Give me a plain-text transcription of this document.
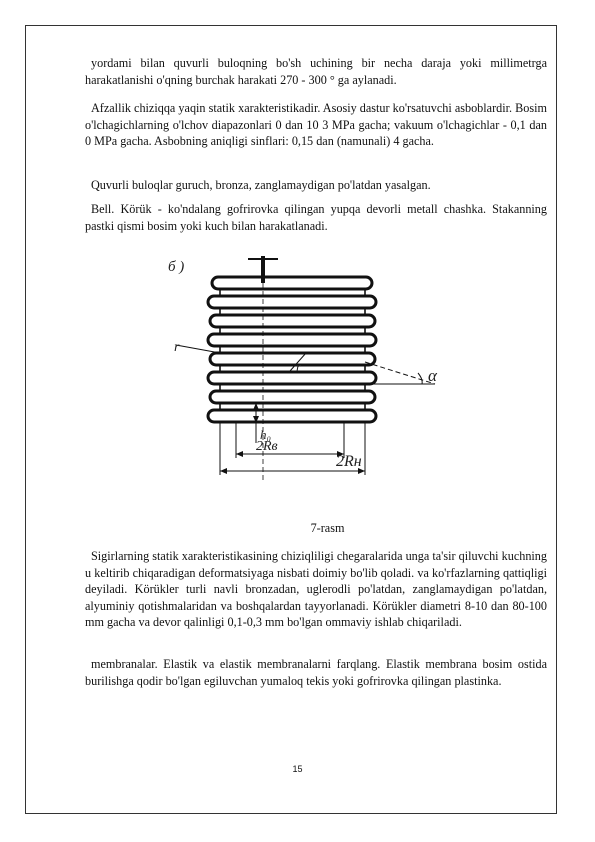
yordami bilan quvurli buloqning bo'sh uchining bir necha daraja yoki millimetrga harakatlanishi o'qning burchak harakati 270 - 300 ° ga aylanadi.

Afzallik chiziqqa yaqin statik xarakteristikadir. Asosiy dastur ko'rsatuvchi asboblardir. Bosim o'lchagichlarning o'lchov diapazonlari 0 dan 10 3 MPa gacha; vakuum o'lchagichlar - 0,1 dan 0 MPa gacha. Asbobning aniqligi sinflari: 0,15 dan (namunali) 4 gacha.

Quvurli buloqlar guruch, bronza, zanglamaydigan po'latdan yasalgan.

Bell. Körük - ko'ndalang gofrirovka qilingan yupqa devorli metall chashka. Stakanning pastki qismi bosim yoki kuch bilan harakatlanadi.

б )
r
r	α
h₀
2Rв
2Rн
7-rasm

Sigirlarning statik xarakteristikasining chiziqliligi chegaralarida unga ta'sir qiluvchi kuchning u keltirib chiqaradigan deformatsiyaga nisbati doimiy bo'lib qoladi. va ko'rfazlarning qattiqligi deyiladi. Körükler turli navli bronzadan, uglerodli po'latdan, zanglamaydigan po'latdan, alyuminiy qotishmalaridan va boshqalardan tayyorlanadi. Körükler diametri 8-10 dan 80-100 mm gacha va devor qalinligi 0,1-0,3 mm bo'lgan ommaviy ishlab chiqariladi.

membranalar. Elastik va elastik membranalarni farqlang. Elastik membrana bosim ostida burilishga qodir bo'lgan egiluvchan yumaloq tekis yoki gofrirovka qilingan plastinka.

15
